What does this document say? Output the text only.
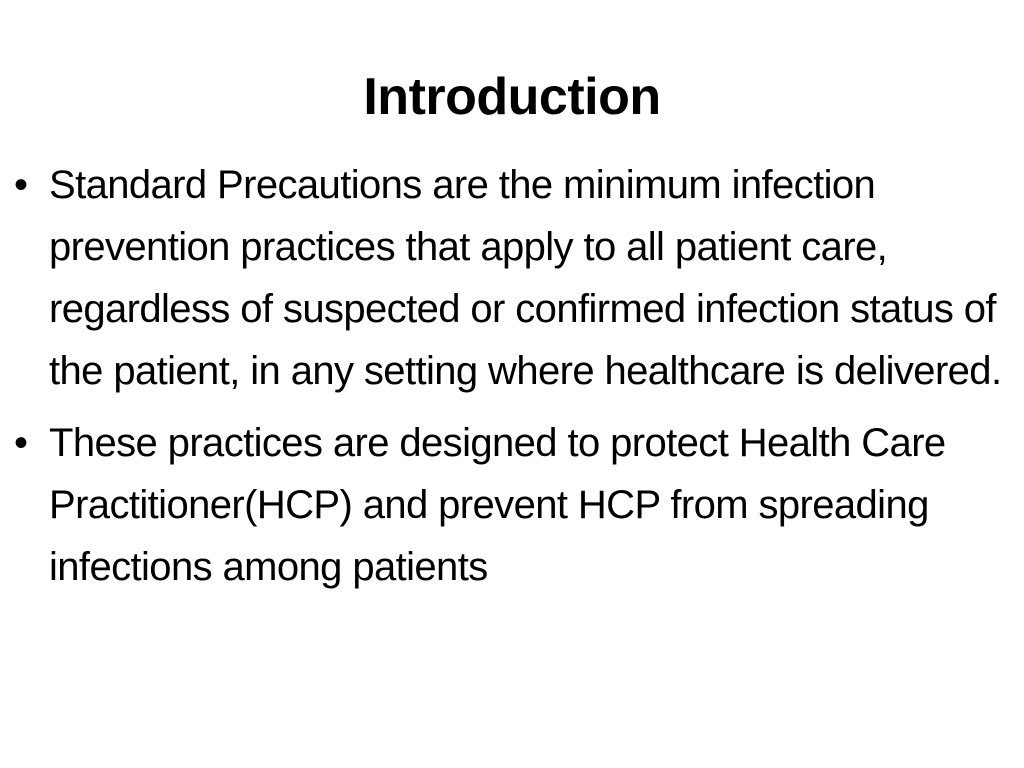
Introduction
• Standard Precautions are the minimum infection prevention practices that apply to all patient care, regardless of suspected or confirmed infection status of the patient, in any setting where healthcare is delivered.
• These practices are designed to protect Health Care Practitioner(HCP) and prevent HCP from spreading infections among patients
